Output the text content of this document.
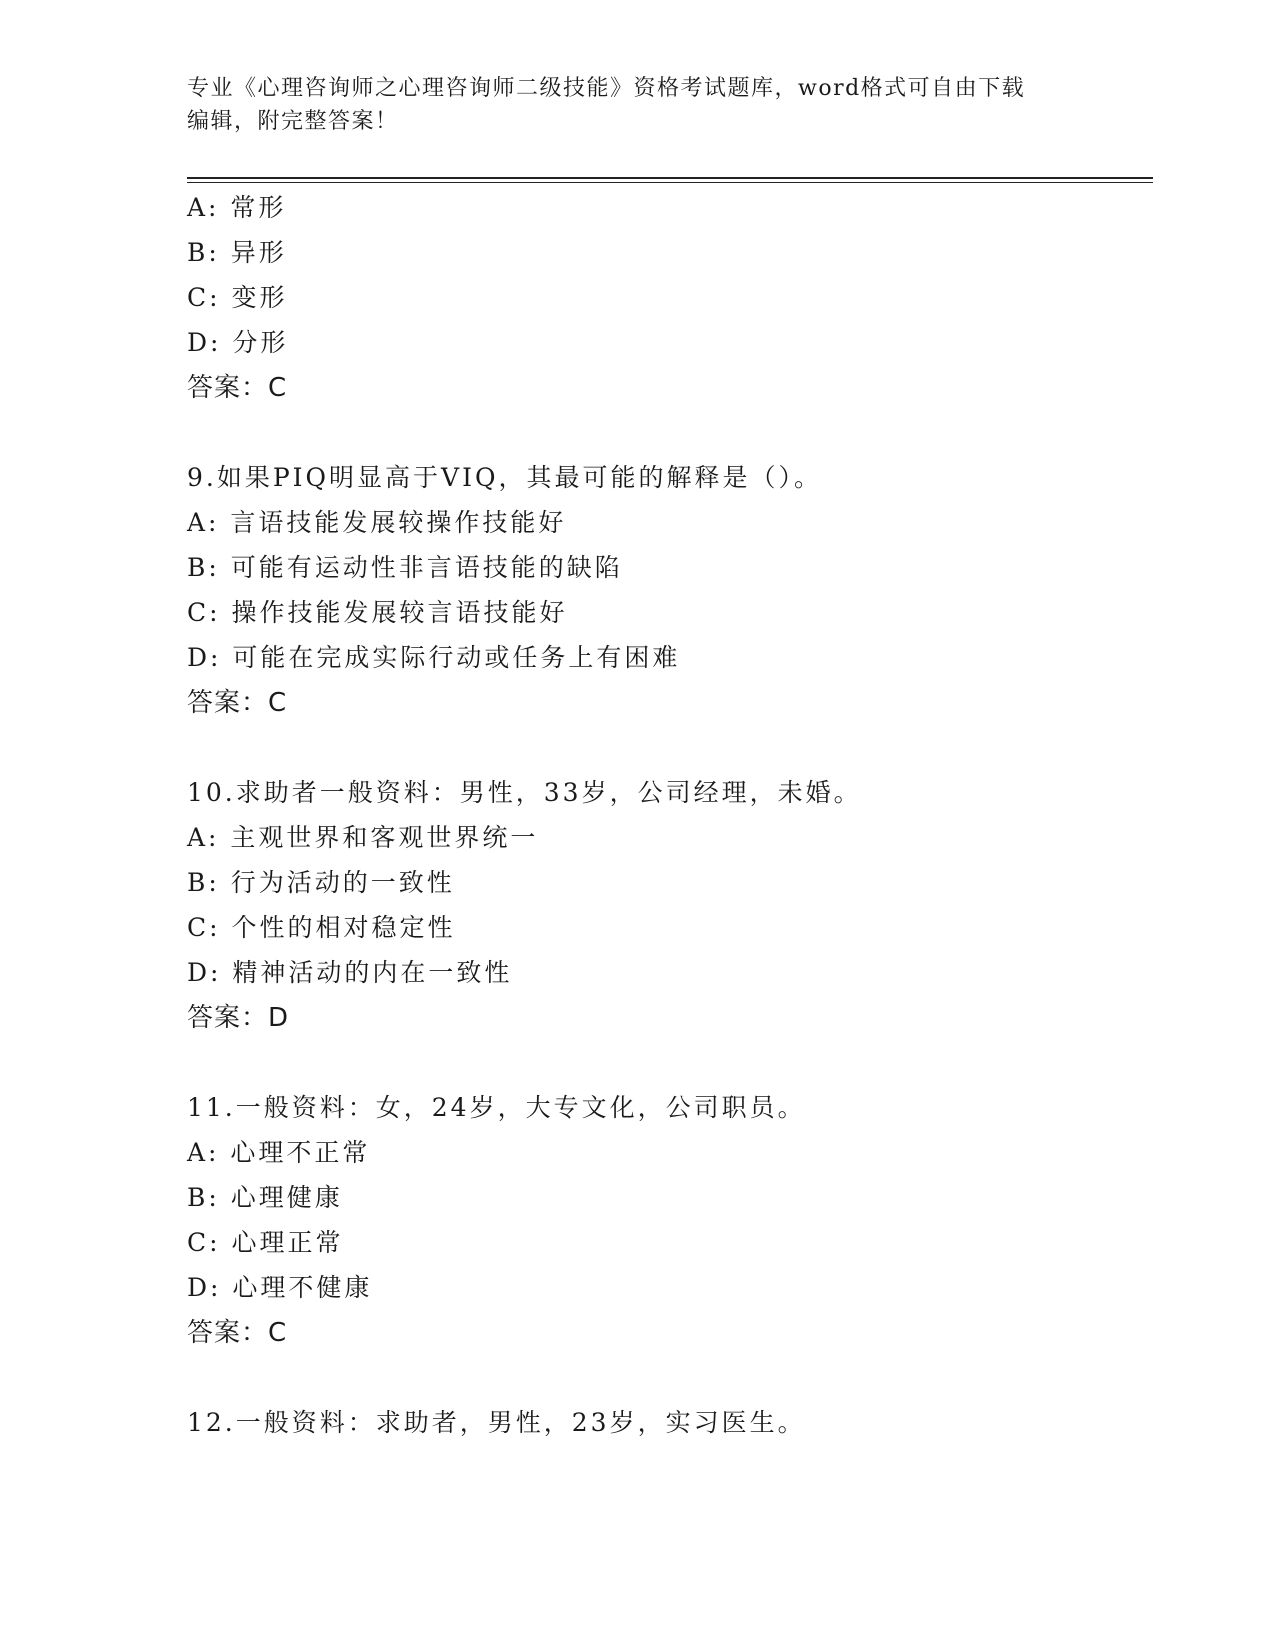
专业《心理咨询师之心理咨询师二级技能》资格考试题库，word格式可自由下载
编辑，附完整答案！
A: 常形
B: 异形
C: 变形
D: 分形
答案：C
9.如果PIQ明显高于VIQ，其最可能的解释是（）。
A: 言语技能发展较操作技能好
B: 可能有运动性非言语技能的缺陷
C: 操作技能发展较言语技能好
D: 可能在完成实际行动或任务上有困难
答案：C
10.求助者一般资料：男性，33岁，公司经理，未婚。
A: 主观世界和客观世界统一
B: 行为活动的一致性
C: 个性的相对稳定性
D: 精神活动的内在一致性
答案：D
11.一般资料：女，24岁，大专文化，公司职员。
A: 心理不正常
B: 心理健康
C: 心理正常
D: 心理不健康
答案：C
12.一般资料：求助者，男性，23岁，实习医生。
